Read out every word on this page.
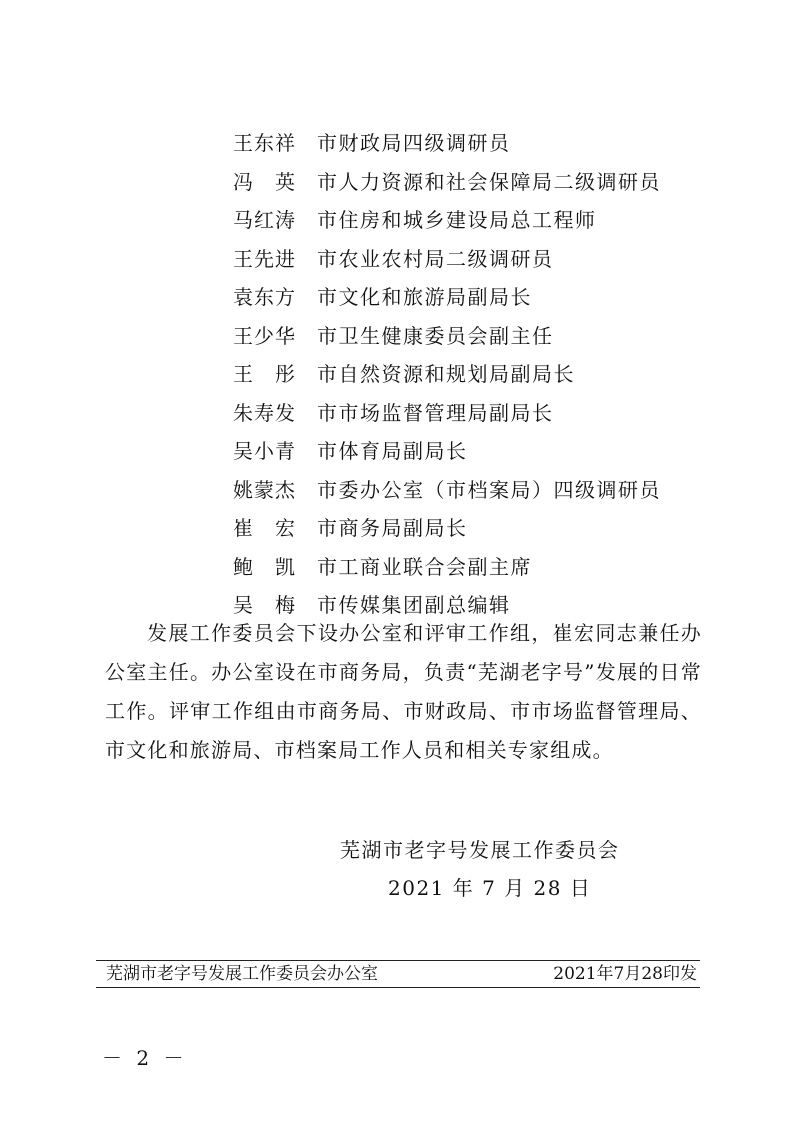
王东祥 市财政局四级调研员
冯　英 市人力资源和社会保障局二级调研员
马红涛 市住房和城乡建设局总工程师
王先进 市农业农村局二级调研员
袁东方 市文化和旅游局副局长
王少华 市卫生健康委员会副主任
王　彤 市自然资源和规划局副局长
朱寿发 市市场监督管理局副局长
吴小青 市体育局副局长
姚蒙杰 市委办公室（市档案局）四级调研员
崔　宏 市商务局副局长
鲍　凯 市工商业联合会副主席
吴　梅 市传媒集团副总编辑

发展工作委员会下设办公室和评审工作组，崔宏同志兼任办公室主任。办公室设在市商务局，负责“芜湖老字号”发展的日常工作。评审工作组由市商务局、市财政局、市市场监督管理局、市文化和旅游局、市档案局工作人员和相关专家组成。

芜湖市老字号发展工作委员会
2021 年 7 月 28 日
芜湖市老字号发展工作委员会办公室	2021年7月28印发
－ 2 －
